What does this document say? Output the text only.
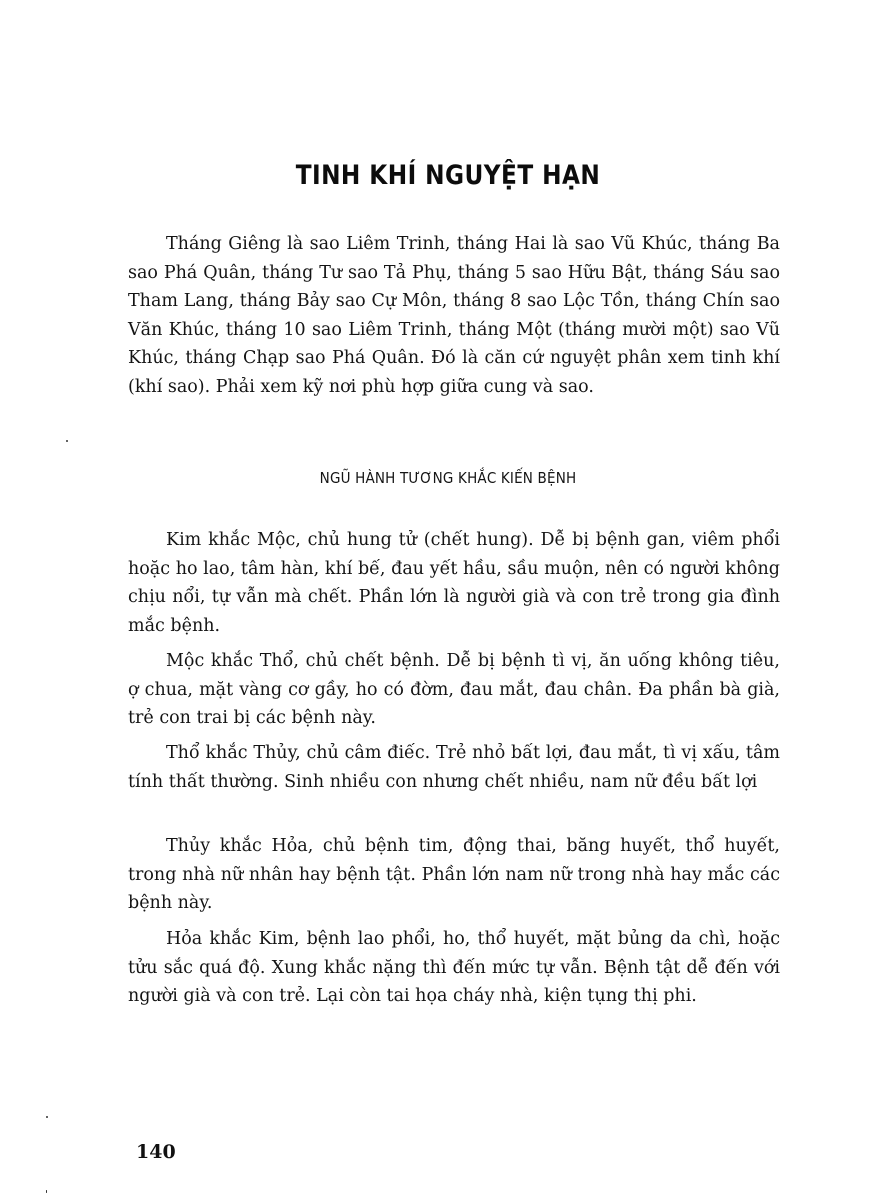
TINH KHÍ NGUYỆT HẠN

Tháng Giêng là sao Liêm Trinh, tháng Hai là sao Vũ Khúc, tháng Ba sao Phá Quân, tháng Tư sao Tả Phụ, tháng 5 sao Hữu Bật, tháng Sáu sao Tham Lang, tháng Bảy sao Cự Môn, tháng 8 sao Lộc Tồn, tháng Chín sao Văn Khúc, tháng 10 sao Liêm Trinh, tháng Một (tháng mười một) sao Vũ Khúc, tháng Chạp sao Phá Quân. Đó là căn cứ nguyệt phân xem tinh khí (khí sao). Phải xem kỹ nơi phù hợp giữa cung và sao.

NGŨ HÀNH TƯƠNG KHẮC KIẾN BỆNH

Kim khắc Mộc, chủ hung tử (chết hung). Dễ bị bệnh gan, viêm phổi hoặc ho lao, tâm hàn, khí bế, đau yết hầu, sầu muộn, nên có người không chịu nổi, tự vẫn mà chết. Phần lớn là người già và con trẻ trong gia đình mắc bệnh.

Mộc khắc Thổ, chủ chết bệnh. Dễ bị bệnh tì vị, ăn uống không tiêu, ợ chua, mặt vàng cơ gầy, ho có đờm, đau mắt, đau chân. Đa phần bà già, trẻ con trai bị các bệnh này.

Thổ khắc Thủy, chủ câm điếc. Trẻ nhỏ bất lợi, đau mắt, tì vị xấu, tâm tính thất thường. Sinh nhiều con nhưng chết nhiều, nam nữ đều bất lợi

Thủy khắc Hỏa, chủ bệnh tim, động thai, băng huyết, thổ huyết, trong nhà nữ nhân hay bệnh tật. Phần lớn nam nữ trong nhà hay mắc các bệnh này.

Hỏa khắc Kim, bệnh lao phổi, ho, thổ huyết, mặt bủng da chì, hoặc tửu sắc quá độ. Xung khắc nặng thì đến mức tự vẫn. Bệnh tật dễ đến với người già và con trẻ. Lại còn tai họa cháy nhà, kiện tụng thị phi.

140
